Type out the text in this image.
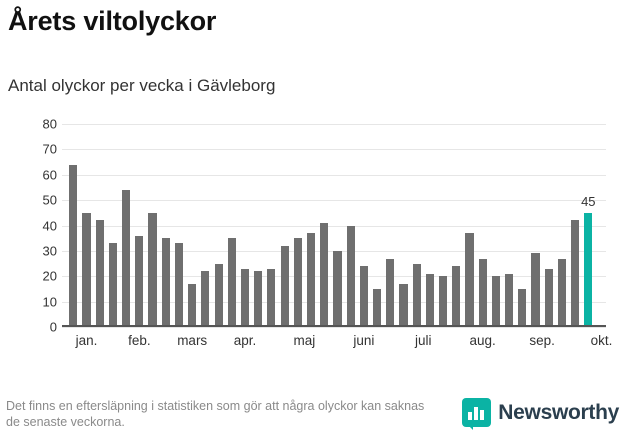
Årets viltolyckor
Antal olyckor per vecka i Gävleborg
45
0
10
20
30
40
50
60
70
80
jan. feb. mars apr.	maj	juni	juli	aug. sep.	okt.
Det finns en eftersläpning i statistiken som gör att några olyckor kan saknas de senaste veckorna.	Newsworthy
